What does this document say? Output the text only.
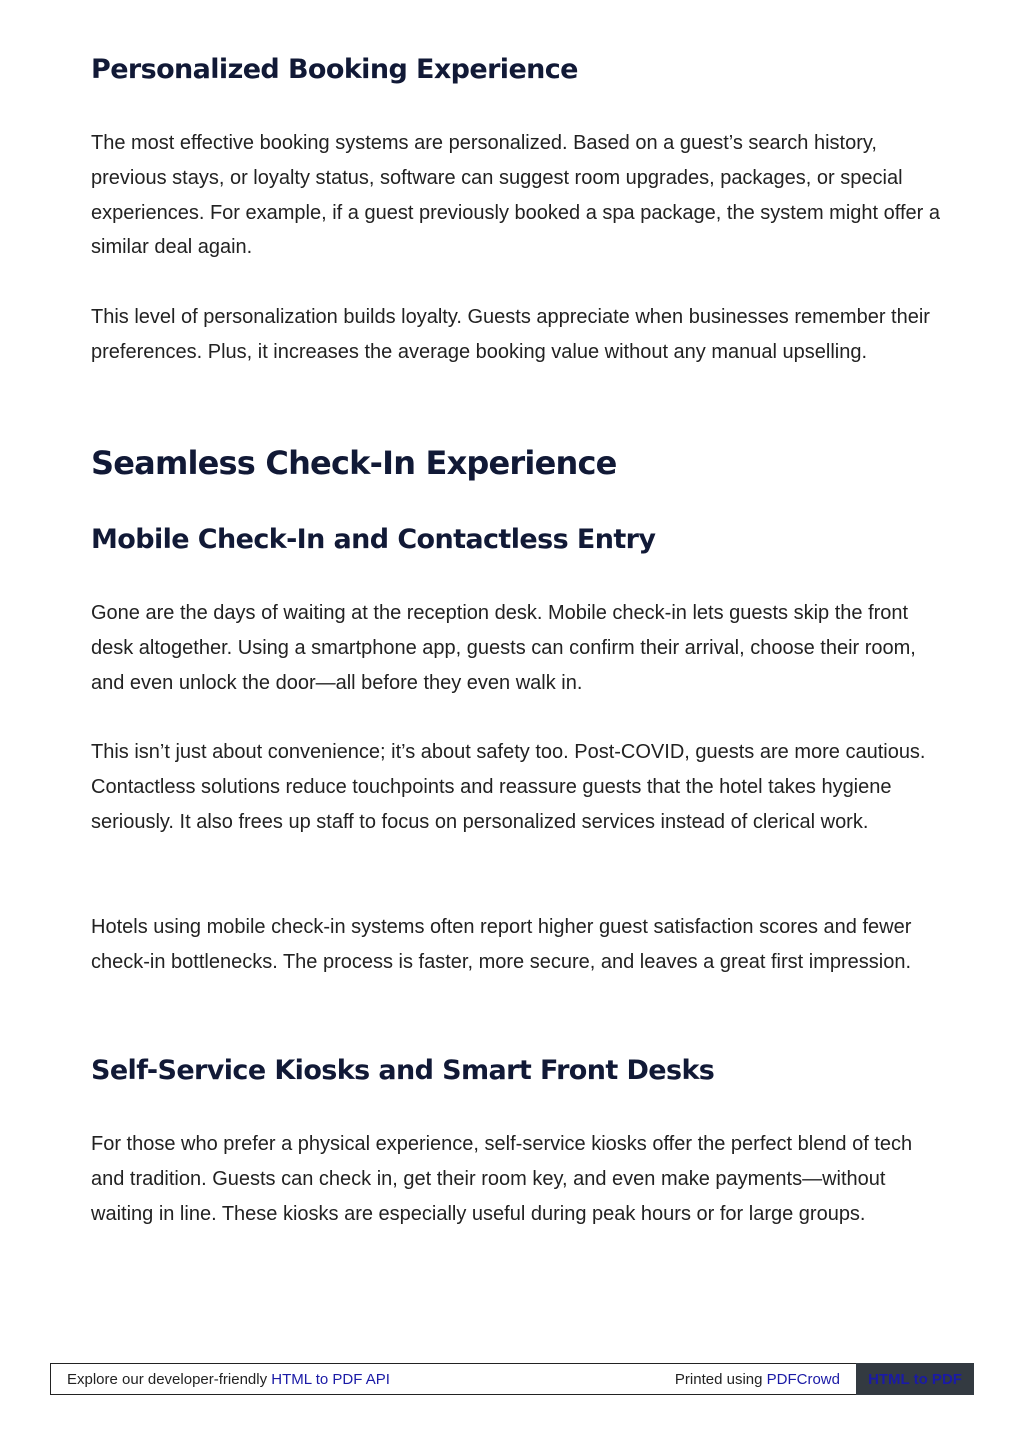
Personalized Booking Experience

The most effective booking systems are personalized. Based on a guest’s search history, previous stays, or loyalty status, software can suggest room upgrades, packages, or special experiences. For example, if a guest previously booked a spa package, the system might offer a similar deal again.

This level of personalization builds loyalty. Guests appreciate when businesses remember their preferences. Plus, it increases the average booking value without any manual upselling.

Seamless Check-In Experience
Mobile Check-In and Contactless Entry

Gone are the days of waiting at the reception desk. Mobile check-in lets guests skip the front desk altogether. Using a smartphone app, guests can confirm their arrival, choose their room, and even unlock the door—all before they even walk in.

This isn’t just about convenience; it’s about safety too. Post-COVID, guests are more cautious. Contactless solutions reduce touchpoints and reassure guests that the hotel takes hygiene seriously. It also frees up staff to focus on personalized services instead of clerical work.

Hotels using mobile check-in systems often report higher guest satisfaction scores and fewer check-in bottlenecks. The process is faster, more secure, and leaves a great first impression.

Self-Service Kiosks and Smart Front Desks

For those who prefer a physical experience, self-service kiosks offer the perfect blend of tech and tradition. Guests can check in, get their room key, and even make payments—without waiting in line. These kiosks are especially useful during peak hours or for large groups.

Explore our developer-friendly
HTML to PDF API	Printed using
PDFCrowd	HTML to PDF
